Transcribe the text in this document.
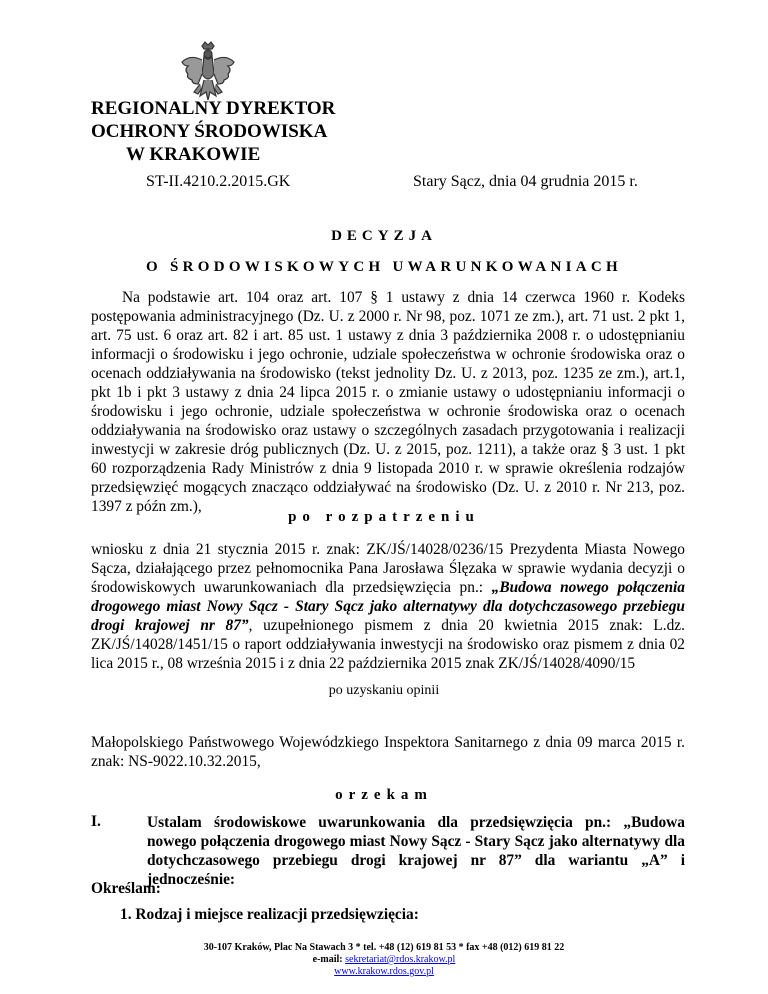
REGIONALNY DYREKTOR
OCHRONY ŚRODOWISKA
W KRAKOWIE
ST-II.4210.2.2015.GK	Stary Sącz, dnia 04 grudnia 2015 r.
DECYZJA
O ŚRODOWISKOWYCH UWARUNKOWANIACH
Na podstawie art. 104 oraz art. 107 § 1 ustawy z dnia 14 czerwca 1960 r. Kodeks postępowania administracyjnego (Dz. U. z 2000 r. Nr 98, poz. 1071 ze zm.), art. 71 ust. 2 pkt 1, art. 75 ust. 6 oraz art. 82 i art. 85 ust. 1 ustawy z dnia 3 października 2008 r. o udostępnianiu informacji o środowisku i jego ochronie, udziale społeczeństwa w ochronie środowiska oraz o ocenach oddziaływania na środowisko (tekst jednolity Dz. U. z 2013, poz. 1235 ze zm.), art.1, pkt 1b i pkt 3 ustawy z dnia 24 lipca 2015 r. o zmianie ustawy o udostępnianiu informacji o środowisku i jego ochronie, udziale społeczeństwa w ochronie środowiska oraz o ocenach oddziaływania na środowisko oraz ustawy o szczególnych zasadach przygotowania i realizacji inwestycji w zakresie dróg publicznych (Dz. U. z 2015, poz. 1211), a także oraz § 3 ust. 1 pkt 60 rozporządzenia Rady Ministrów z dnia 9 listopada 2010 r. w sprawie określenia rodzajów przedsięwzięć mogących znacząco oddziaływać na środowisko (Dz. U. z 2010 r. Nr 213, poz. 1397 z późn zm.),
po rozpatrzeniu
wniosku z dnia 21 stycznia 2015 r. znak: ZK/JŚ/14028/0236/15 Prezydenta Miasta Nowego Sącza, działającego przez pełnomocnika Pana Jarosława Ślęzaka w sprawie wydania decyzji o środowiskowych uwarunkowaniach dla przedsięwzięcia pn.: „Budowa nowego połączenia drogowego miast Nowy Sącz - Stary Sącz jako alternatywy dla dotychczasowego przebiegu drogi krajowej nr 87”, uzupełnionego pismem z dnia 20 kwietnia 2015 znak: L.dz. ZK/JŚ/14028/1451/15 o raport oddziaływania inwestycji na środowisko oraz pismem z dnia 02 lica 2015 r., 08 września 2015 i z dnia 22 października 2015 znak ZK/JŚ/14028/4090/15
po uzyskaniu opinii
Małopolskiego Państwowego Wojewódzkiego Inspektora Sanitarnego z dnia 09 marca 2015 r. znak: NS-9022.10.32.2015,
orzekam
I.	Ustalam środowiskowe uwarunkowania dla przedsięwzięcia pn.: „Budowa nowego połączenia drogowego miast Nowy Sącz - Stary Sącz jako alternatywy dla dotychczasowego przebiegu drogi krajowej nr 87” dla wariantu „A” i jednocześnie:
Określam:
1. Rodzaj i miejsce realizacji przedsięwzięcia:
30-107 Kraków, Plac Na Stawach 3 * tel. +48 (12) 619 81 53 * fax +48 (012) 619 81 22
e-mail: sekretariat@rdos.krakow.pl
www.krakow.rdos.gov.pl
